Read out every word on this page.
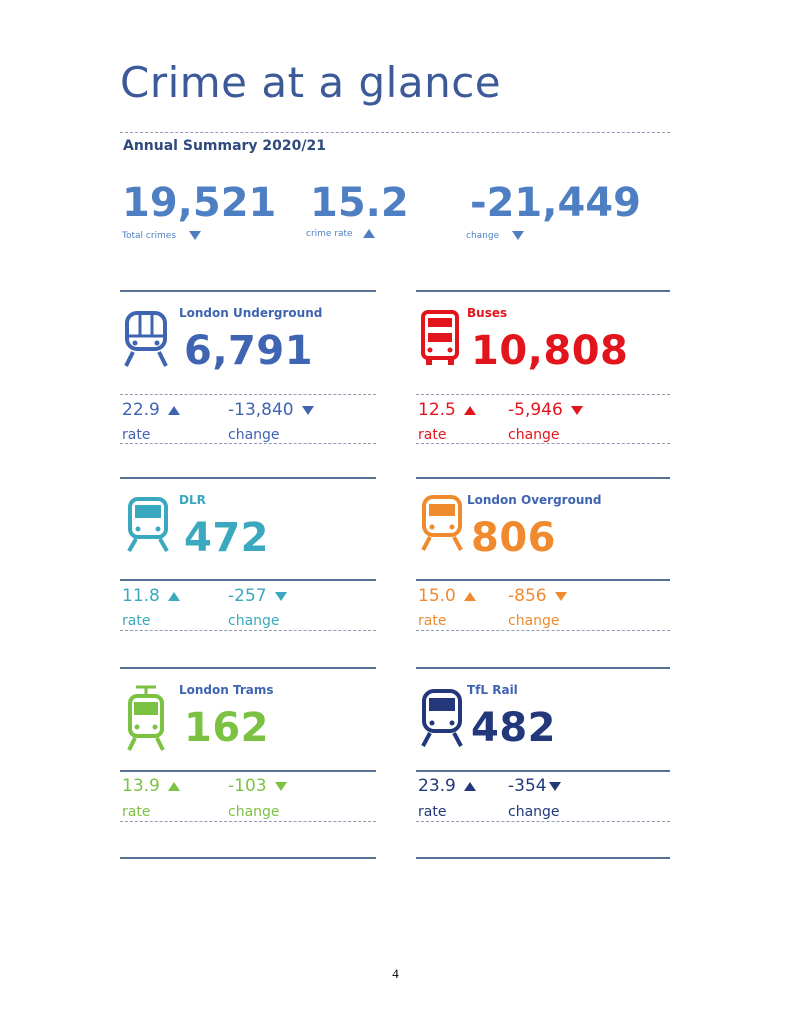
Crime at a glance
Annual Summary 2020/21
19,521
Total crimes
15.2
crime rate
-21,449
change
London Underground
6,791
22.9	-13,840
rate	change
Buses
10,808
12.5	-5,946
rate	change
DLR
472
11.8	-257
rate	change
London Overground
806
15.0	-856
rate	change
London Trams
162
13.9	-103
rate	change
TfL Rail
482
23.9	-354
rate	change
4
